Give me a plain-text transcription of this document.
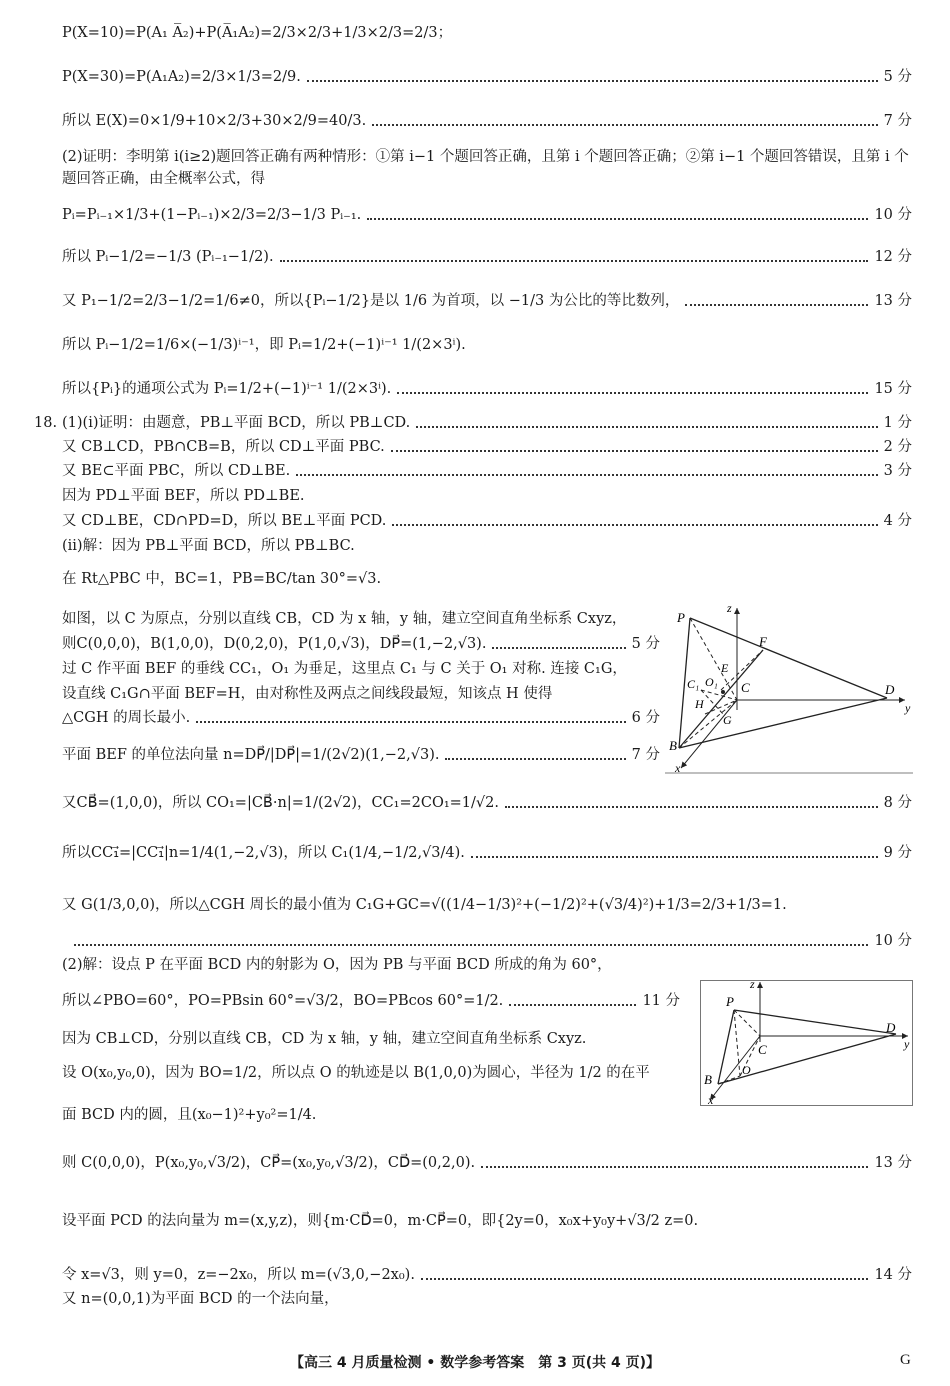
P(X=10)=P(A₁ A̅₂)+P(A̅₁A₂)=2/3×2/3+1/3×2/3=2/3；
P(X=30)=P(A₁A₂)=2/3×1/3=2/9.	5 分
所以 E(X)=0×1/9+10×2/3+30×2/9=40/3.	7 分
(2)证明：李明第 i(i≥2)题回答正确有两种情形：①第 i−1 个题回答正确，且第 i 个题回答正确；②第 i−1 个题回答错误，且第 i 个题回答正确，由全概率公式，得
Pᵢ=Pᵢ₋₁×1/3+(1−Pᵢ₋₁)×2/3=2/3−1/3 Pᵢ₋₁.	10 分
所以 Pᵢ−1/2=−1/3 (Pᵢ₋₁−1/2).	12 分
又 P₁−1/2=2/3−1/2=1/6≠0，所以{Pᵢ−1/2}是以 1/6 为首项，以 −1/3 为公比的等比数列，	13 分
所以 Pᵢ−1/2=1/6×(−1/3)ⁱ⁻¹，即 Pᵢ=1/2+(−1)ⁱ⁻¹ 1/(2×3ⁱ).
所以{Pᵢ}的通项公式为 Pᵢ=1/2+(−1)ⁱ⁻¹ 1/(2×3ⁱ).	15 分
18. (1)(ⅰ)证明：由题意，PB⊥平面 BCD，所以 PB⊥CD.	1 分
又 CB⊥CD，PB∩CB=B，所以 CD⊥平面 PBC.	2 分
又 BE⊂平面 PBC，所以 CD⊥BE.	3 分
因为 PD⊥平面 BEF，所以 PD⊥BE.
又 CD⊥BE，CD∩PD=D，所以 BE⊥平面 PCD.	4 分
(ⅱ)解：因为 PB⊥平面 BCD，所以 PB⊥BC.
在 Rt△PBC 中，BC=1，PB=BC/tan 30°=√3.
如图，以 C 为原点，分别以直线 CB，CD 为 x 轴，y 轴，建立空间直角坐标系 Cxyz，
则C(0,0,0)，B(1,0,0)，D(0,2,0)，P(1,0,√3)，DP⃗=(1,−2,√3).	5 分
过 C 作平面 BEF 的垂线 CC₁，O₁ 为垂足，这里点 C₁ 与 C 关于 O₁ 对称. 连接 C₁G，
设直线 C₁G∩平面 BEF=H，由对称性及两点之间线段最短，知该点 H 使得
△CGH 的周长最小.	6 分
平面 BEF 的单位法向量 n=DP⃗/|DP⃗|=1/(2√2)(1,−2,√3).	7 分
又CB⃗=(1,0,0)，所以 CO₁=|CB⃗·n|=1/(2√2)，CC₁=2CO₁=1/√2.	8 分
所以CC₁⃗=|CC₁⃗|n=1/4(1,−2,√3)，所以 C₁(1/4,−1/2,√3/4).	9 分
又 G(1/3,0,0)，所以△CGH 周长的最小值为 C₁G+GC=√((1/4−1/3)²+(−1/2)²+(√3/4)²)+1/3=2/3+1/3=1.
10 分
(2)解：设点 P 在平面 BCD 内的射影为 O，因为 PB 与平面 BCD 所成的角为 60°，
所以∠PBO=60°，PO=PBsin 60°=√3/2，BO=PBcos 60°=1/2.	11 分
因为 CB⊥CD，分别以直线 CB，CD 为 x 轴，y 轴，建立空间直角坐标系 Cxyz.
设 O(x₀,y₀,0)，因为 BO=1/2，所以点 O 的轨迹是以 B(1,0,0)为圆心，半径为 1/2 的在平
面 BCD 内的圆，且(x₀−1)²+y₀²=1/4.
则 C(0,0,0)，P(x₀,y₀,√3/2)，CP⃗=(x₀,y₀,√3/2)，CD⃗=(0,2,0).	13 分
设平面 PCD 的法向量为 m=(x,y,z)，则{m·CD⃗=0，m·CP⃗=0，即{2y=0，x₀x+y₀y+√3/2 z=0.
令 x=√3，则 y=0，z=−2x₀，所以 m=(√3,0,−2x₀).	14 分
又 n=(0,0,1)为平面 BCD 的一个法向量，
P
F
E
O₁
C₁	C
H
G
B
D
x
y
z
P
C
O
B
D
x
y
z
【高三 4 月质量检测 • 数学参考答案　第 3 页(共 4 页)】	G
